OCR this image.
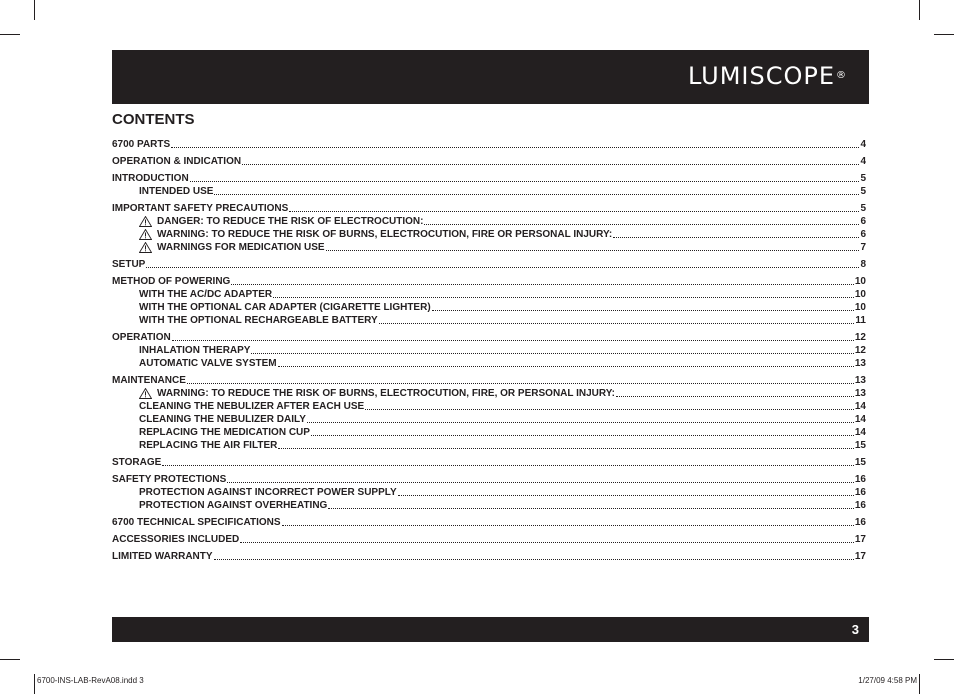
LUMISCOPE®
CONTENTS
6700 PARTS	4
OPERATION & INDICATION	4
INTRODUCTION	5
INTENDED USE	5
IMPORTANT SAFETY PRECAUTIONS	5
DANGER: TO REDUCE THE RISK OF ELECTROCUTION:	6
WARNING: TO REDUCE THE RISK OF BURNS, ELECTROCUTION, FIRE OR PERSONAL INJURY:	6
WARNINGS FOR MEDICATION USE	7
SETUP	8
METHOD OF POWERING	10
WITH THE AC/DC ADAPTER	10
WITH THE OPTIONAL CAR ADAPTER (CIGARETTE LIGHTER)	10
WITH THE OPTIONAL RECHARGEABLE BATTERY	11
OPERATION	12
INHALATION THERAPY	12
AUTOMATIC VALVE SYSTEM	13
MAINTENANCE	13
WARNING: TO REDUCE THE RISK OF BURNS, ELECTROCUTION, FIRE, OR PERSONAL INJURY:	13
CLEANING THE NEBULIZER AFTER EACH USE	14
CLEANING THE NEBULIZER DAILY	14
REPLACING THE MEDICATION CUP	14
REPLACING THE AIR FILTER	15
STORAGE	15
SAFETY PROTECTIONS	16
PROTECTION AGAINST INCORRECT POWER SUPPLY	16
PROTECTION AGAINST OVERHEATING	16
6700 TECHNICAL SPECIFICATIONS	16
ACCESSORIES INCLUDED	17
LIMITED WARRANTY	17
3
6700-INS-LAB-RevA08.indd 3	1/27/09 4:58 PM
